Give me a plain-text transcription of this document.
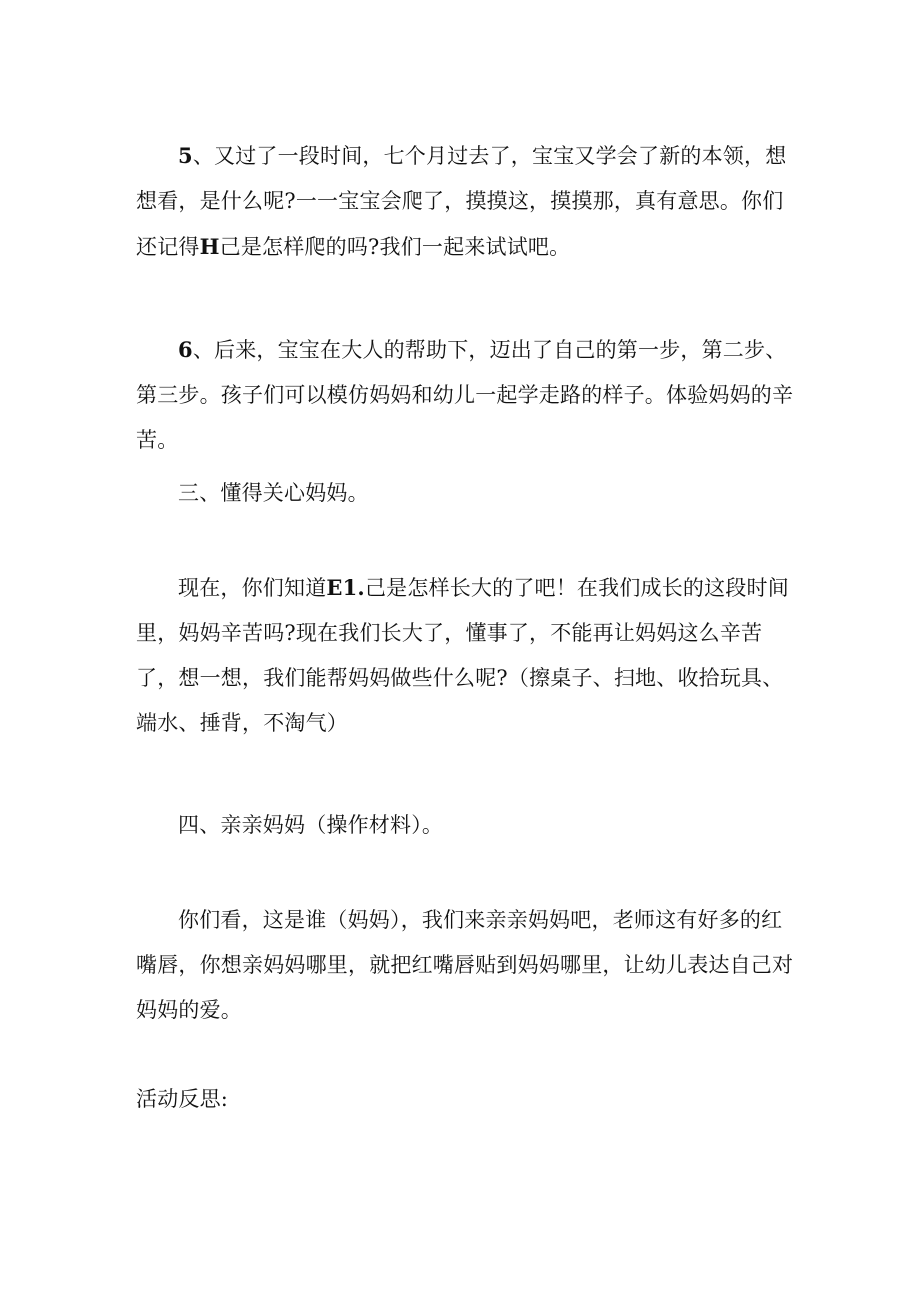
5、又过了一段时间，七个月过去了，宝宝又学会了新的本领，想想看，是什么呢?一一宝宝会爬了，摸摸这，摸摸那，真有意思。你们还记得H己是怎样爬的吗?我们一起来试试吧。

6、后来，宝宝在大人的帮助下，迈出了自己的第一步，第二步、第三步。孩子们可以模仿妈妈和幼儿一起学走路的样子。体验妈妈的辛苦。

三、懂得关心妈妈。

现在，你们知道E1.己是怎样长大的了吧！在我们成长的这段时间里，妈妈辛苦吗?现在我们长大了，懂事了，不能再让妈妈这么辛苦了，想一想，我们能帮妈妈做些什么呢?（擦桌子、扫地、收拾玩具、端水、捶背，不淘气）

四、亲亲妈妈（操作材料）。

你们看，这是谁（妈妈），我们来亲亲妈妈吧，老师这有好多的红嘴唇，你想亲妈妈哪里，就把红嘴唇贴到妈妈哪里，让幼儿表达自己对妈妈的爱。

活动反思:
